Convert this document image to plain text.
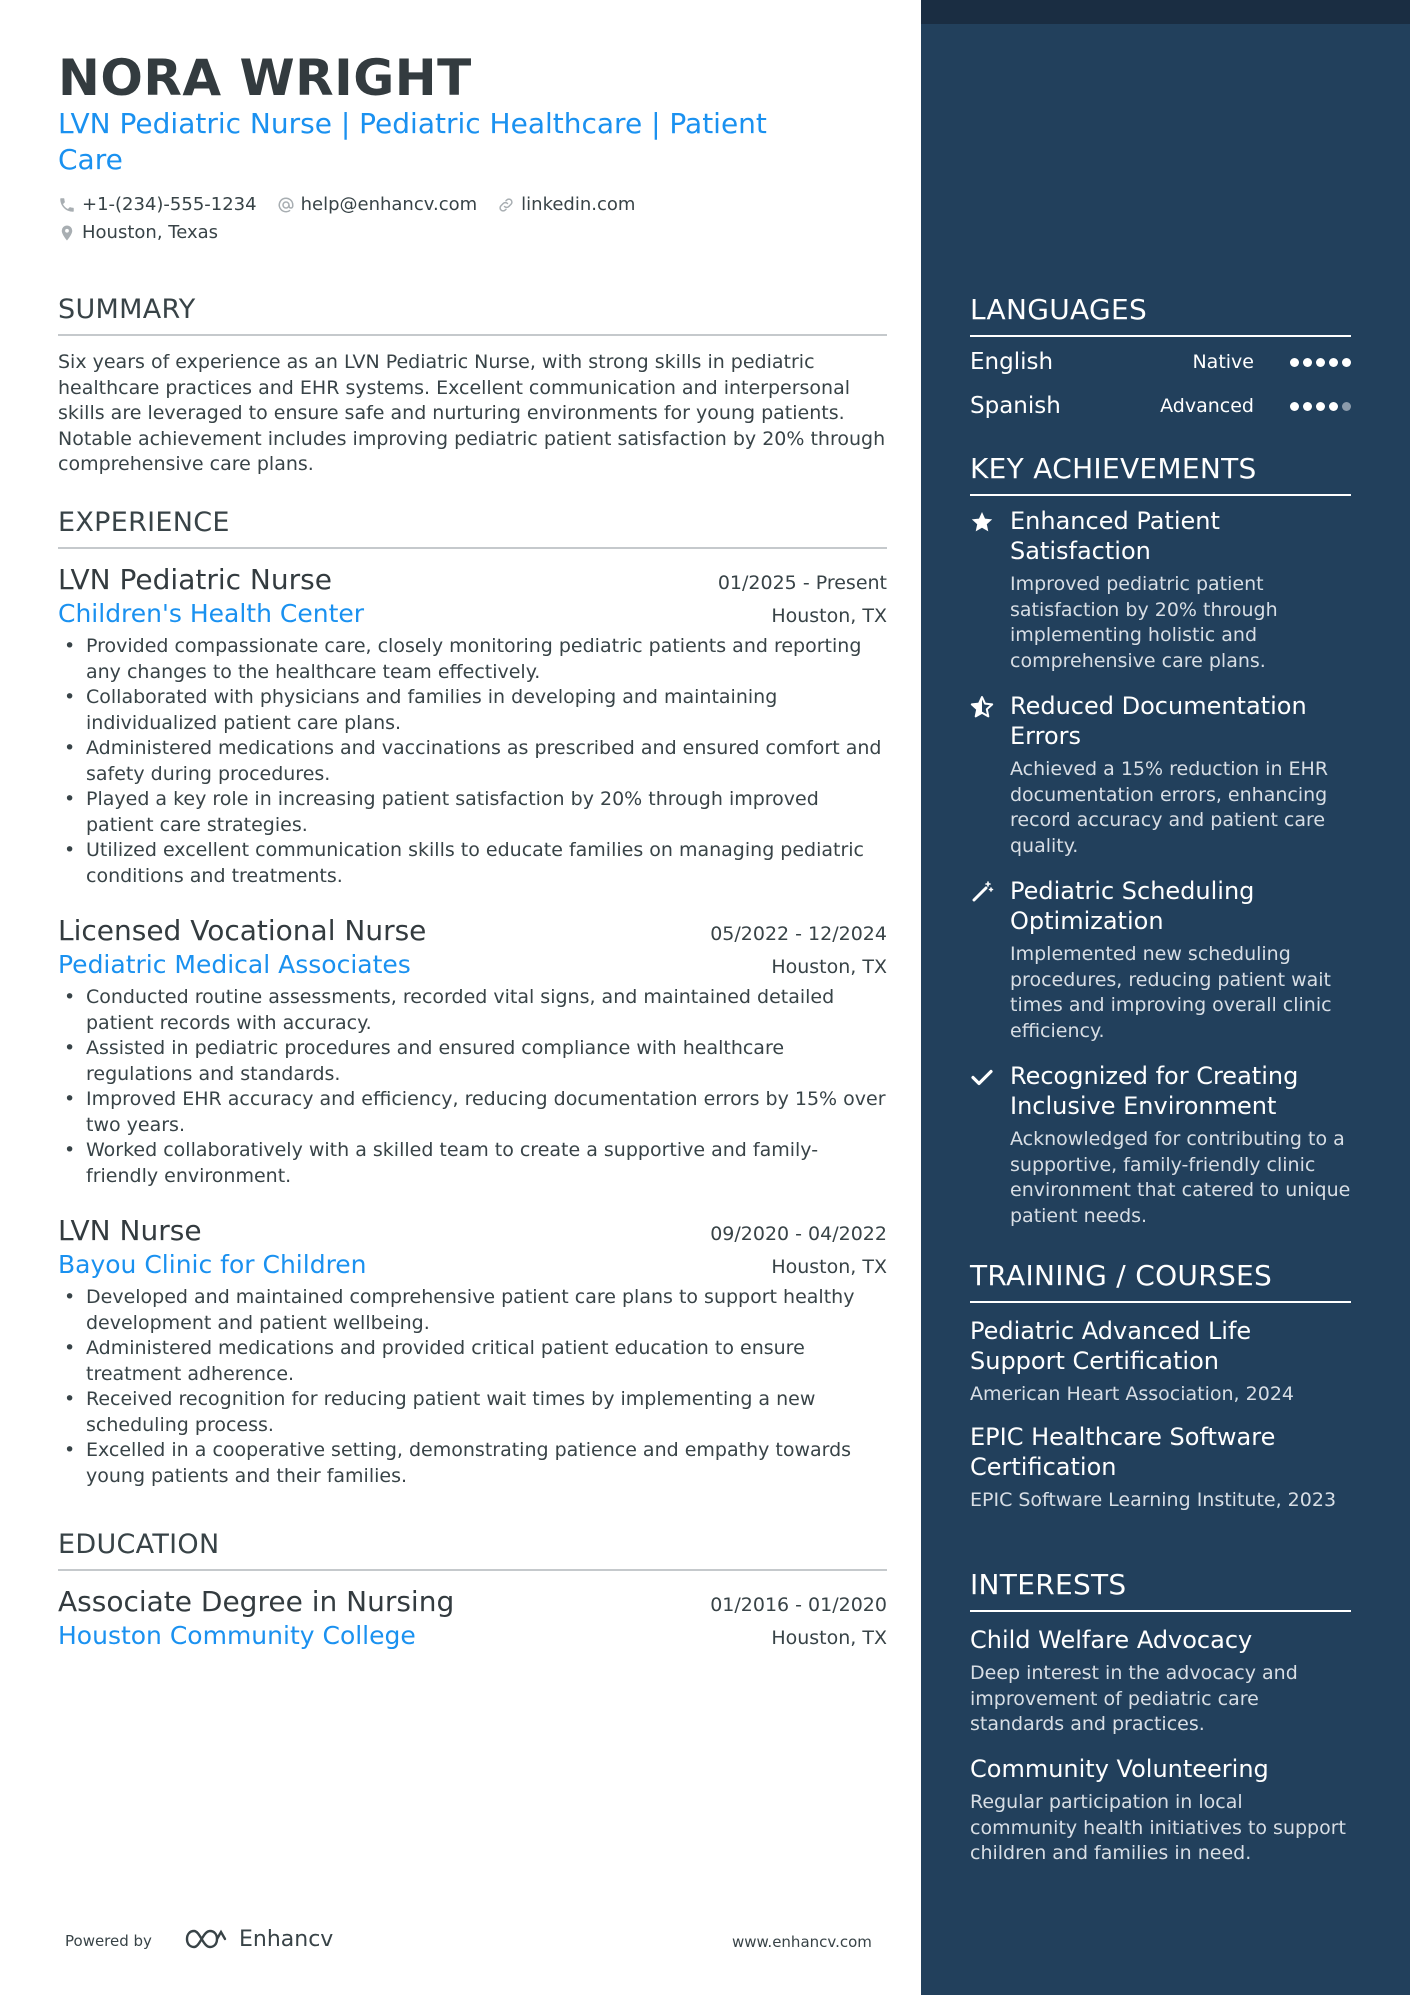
NORA WRIGHT
LVN Pediatric Nurse | Pediatric Healthcare | Patient Care
+1-(234)-555-1234 help@enhancv.com linkedin.com
Houston, Texas
SUMMARY
Six years of experience as an LVN Pediatric Nurse, with strong skills in pediatric healthcare practices and EHR systems. Excellent communication and interpersonal skills are leveraged to ensure safe and nurturing environments for young patients. Notable achievement includes improving pediatric patient satisfaction by 20% through comprehensive care plans.
EXPERIENCE
LVN Pediatric Nurse	01/2025 - Present
Children's Health Center	Houston, TX
• Provided compassionate care, closely monitoring pediatric patients and reporting any changes to the healthcare team effectively.
• Collaborated with physicians and families in developing and maintaining individualized patient care plans.
• Administered medications and vaccinations as prescribed and ensured comfort and safety during procedures.
• Played a key role in increasing patient satisfaction by 20% through improved patient care strategies.
• Utilized excellent communication skills to educate families on managing pediatric conditions and treatments.
Licensed Vocational Nurse	05/2022 - 12/2024
Pediatric Medical Associates	Houston, TX
• Conducted routine assessments, recorded vital signs, and maintained detailed patient records with accuracy.
• Assisted in pediatric procedures and ensured compliance with healthcare regulations and standards.
• Improved EHR accuracy and efficiency, reducing documentation errors by 15% over two years.
• Worked collaboratively with a skilled team to create a supportive and family-friendly environment.
LVN Nurse	09/2020 - 04/2022
Bayou Clinic for Children	Houston, TX
• Developed and maintained comprehensive patient care plans to support healthy development and patient wellbeing.
• Administered medications and provided critical patient education to ensure treatment adherence.
• Received recognition for reducing patient wait times by implementing a new scheduling process.
• Excelled in a cooperative setting, demonstrating patience and empathy towards young patients and their families.
EDUCATION
Associate Degree in Nursing	01/2016 - 01/2020
Houston Community College	Houston, TX
Powered by	Enhancv	www.enhancv.com
LANGUAGES
English	Native
Spanish	Advanced
KEY ACHIEVEMENTS
Enhanced Patient Satisfaction
Improved pediatric patient satisfaction by 20% through implementing holistic and comprehensive care plans.
Reduced Documentation Errors
Achieved a 15% reduction in EHR documentation errors, enhancing record accuracy and patient care quality.
Pediatric Scheduling Optimization
Implemented new scheduling procedures, reducing patient wait times and improving overall clinic efficiency.
Recognized for Creating Inclusive Environment
Acknowledged for contributing to a supportive, family-friendly clinic environment that catered to unique patient needs.
TRAINING / COURSES
Pediatric Advanced Life Support Certification
American Heart Association, 2024
EPIC Healthcare Software Certification
EPIC Software Learning Institute, 2023
INTERESTS
Child Welfare Advocacy
Deep interest in the advocacy and improvement of pediatric care standards and practices.
Community Volunteering
Regular participation in local community health initiatives to support children and families in need.
